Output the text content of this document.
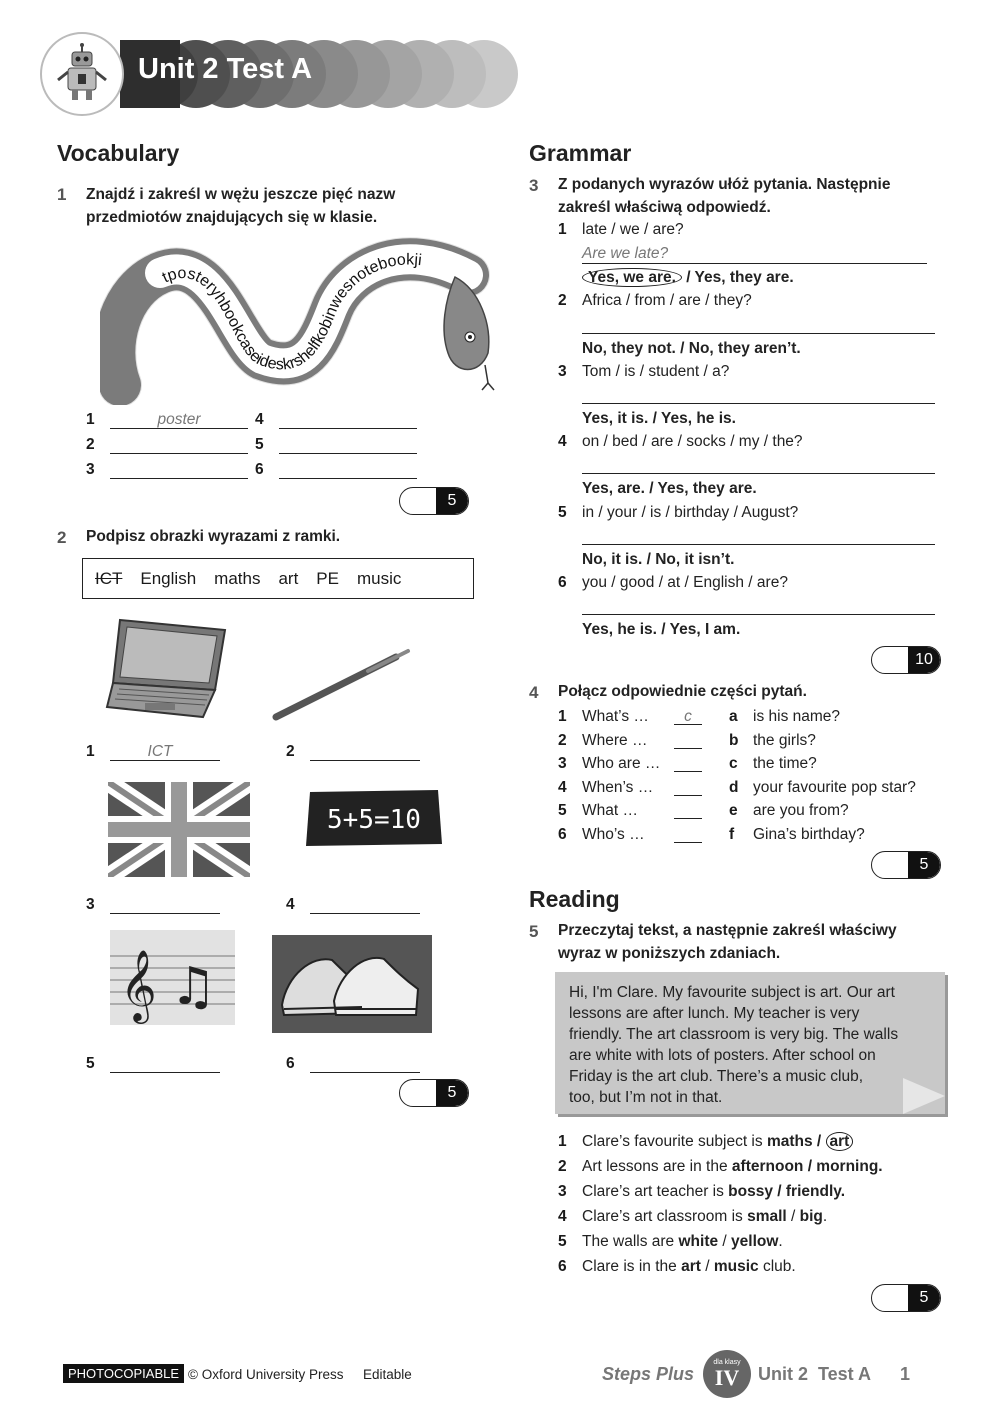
Unit 2 Test A
Vocabulary
1 Znajdź i zakreśl w wężu jeszcze pięć nazw
przedmiotów znajdujących się w klasie.
tposteryhbookcaseideskrshelfkobinwesnotebookji
1	poster
2
3
4
5
6
5
2 Podpisz obrazki wyrazami z ramki.
ICT English maths art PE music
1	ICT	2
5+5=10
3	4
𝄞 ♫
5	6
5
Grammar
3 Z podanych wyrazów ułóż pytania. Następnie
zakreśl właściwą odpowiedź.
1 late / we / are?
Are we late?
Yes, we are. / Yes, they are.
2 Africa / from / are / they?
No, they not. / No, they aren’t.
3 Tom / is / student / a?
Yes, it is. / Yes, he is.
4 on / bed / are / socks / my / the?
Yes, are. / Yes, they are.
5 in / your / is / birthday / August?
No, it is. / No, it isn’t.
6 you / good / at / English / are?
Yes, he is. / Yes, I am.
10
4 Połącz odpowiednie części pytań.
1 What’s …	c	a is his name?
2 Where …	b the girls?
3 Who are …	c the time?
4 When’s …	d your favourite pop star?
5 What …	e are you from?
6 Who’s …	f Gina’s birthday?
5
Reading
5 Przeczytaj tekst, a następnie zakreśl właściwy
wyraz w poniższych zdaniach.
Hi, I'm Clare. My favourite subject is art. Our art
lessons are after lunch. My teacher is very
friendly. The art classroom is very big. The walls
are white with lots of posters. After school on
Friday is the art club. There’s a music club,
too, but I’m not in that.
1 Clare’s favourite subject is maths / art
2 Art lessons are in the afternoon / morning.
3 Clare’s art teacher is bossy / friendly.
4 Clare’s art classroom is small / big.
5 The walls are white / yellow.
6 Clare is in the art / music club.
5
PHOTOCOPIABLE © Oxford University Press Editable	Steps Plus
dla klasy
IV Unit 2 Test A 1
